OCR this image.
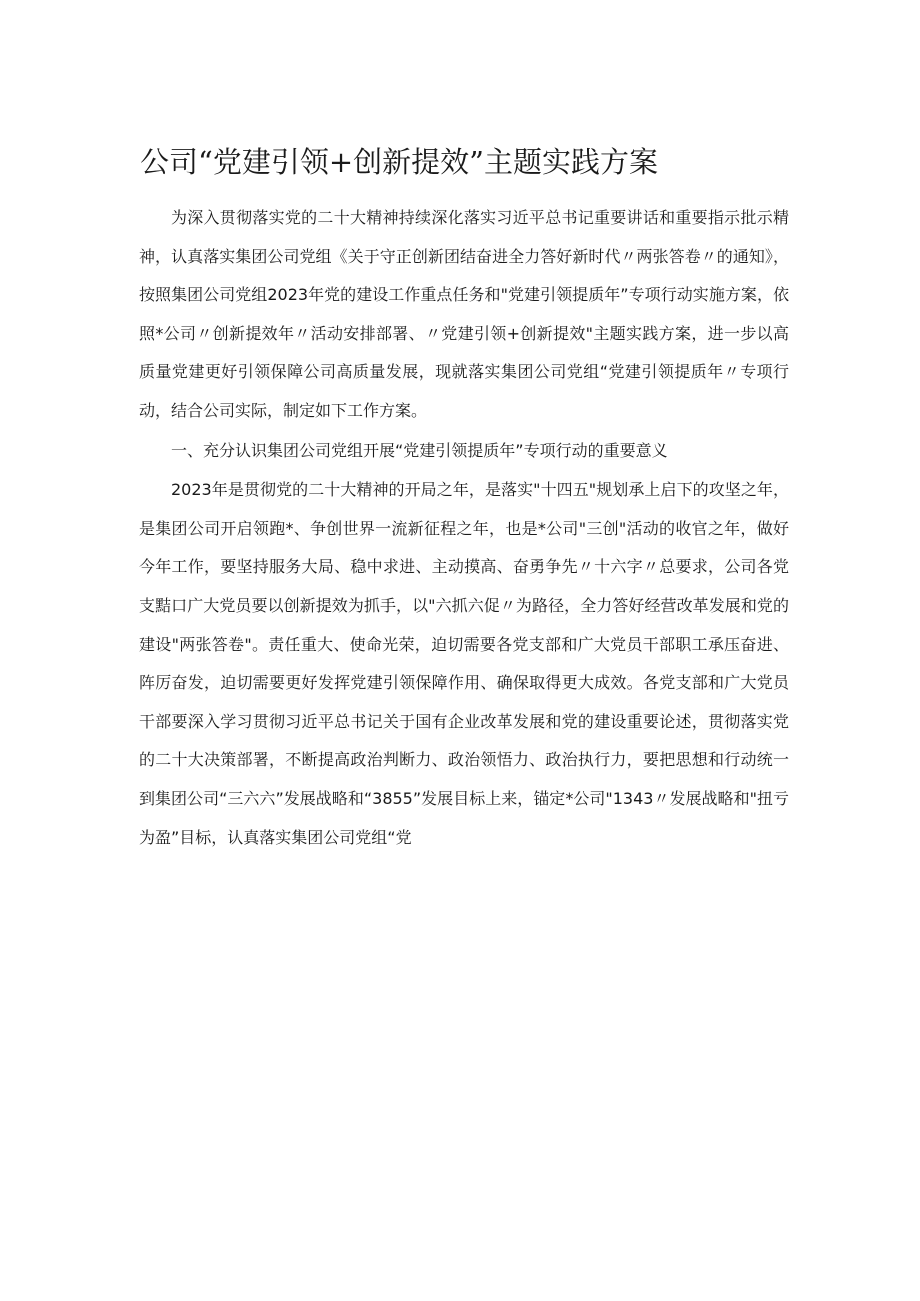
公司“党建引领+创新提效”主题实践方案

为深入贯彻落实党的二十大精神持续深化落实习近平总书记重要讲话和重要指示批示精神，认真落实集团公司党组《关于守正创新团结奋进全力答好新时代〃两张答卷〃的通知》，按照集团公司党组2023年党的建设工作重点任务和"党建引领提质年”专项行动实施方案，依照*公司〃创新提效年〃活动安排部署、〃党建引领+创新提效"主题实践方案，进一步以高质量党建更好引领保障公司高质量发展，现就落实集团公司党组“党建引领提质年〃专项行动，结合公司实际，制定如下工作方案。

一、充分认识集团公司党组开展“党建引领提质年”专项行动的重要意义

2023年是贯彻党的二十大精神的开局之年，是落实"十四五"规划承上启下的攻坚之年，是集团公司开启领跑*、争创世界一流新征程之年，也是*公司"三创"活动的收官之年，做好今年工作，要坚持服务大局、稳中求进、主动摸高、奋勇争先〃十六字〃总要求，公司各党支黠口广大党员要以创新提效为抓手，以"六抓六促〃为路径，全力答好经营改革发展和党的建设"两张答卷"。责任重大、使命光荣，迫切需要各党支部和广大党员干部职工承压奋进、阵厉奋发，迫切需要更好发挥党建引领保障作用、确保取得更大成效。各党支部和广大党员干部要深入学习贯彻习近平总书记关于国有企业改革发展和党的建设重要论述，贯彻落实党的二十大决策部署，不断提高政治判断力、政治领悟力、政治执行力，要把思想和行动统一到集团公司“三六六”发展战略和“3855”发展目标上来，锚定*公司"1343〃发展战略和"扭亏为盈”目标，认真落实集团公司党组“党
